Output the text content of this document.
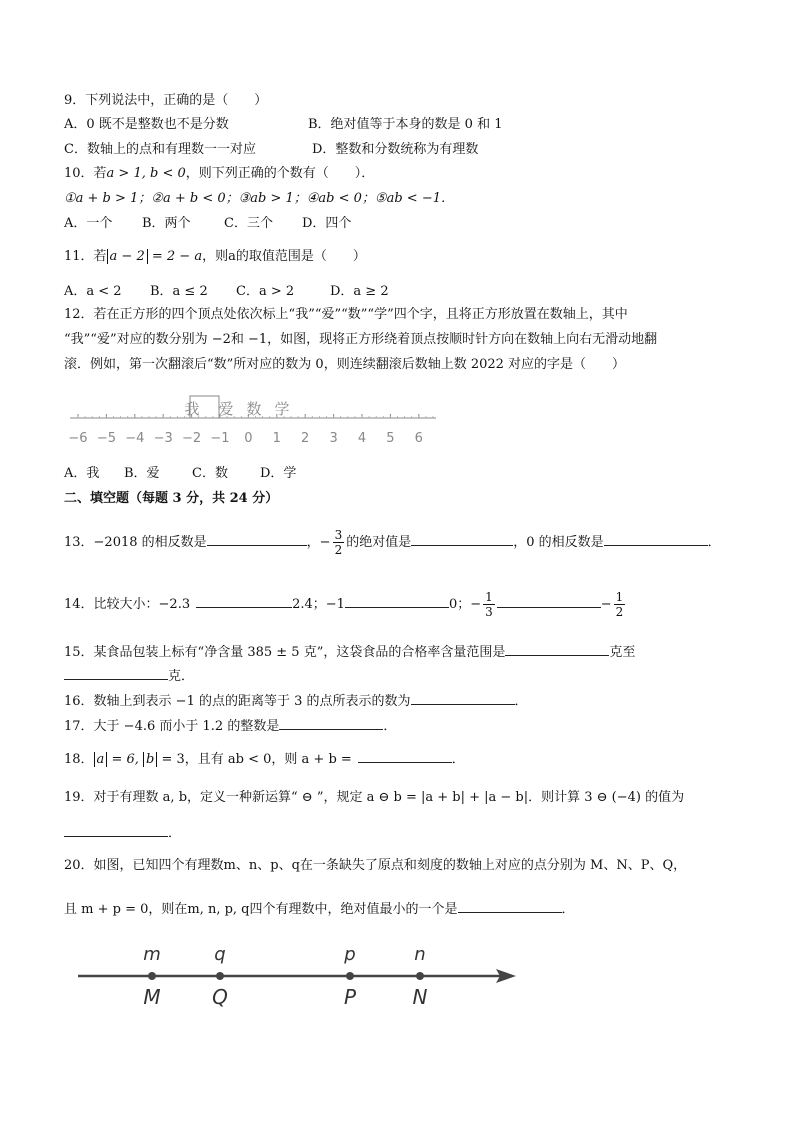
9．下列说法中，正确的是（　　）
A．0 既不是整数也不是分数	B．绝对值等于本身的数是 0 和 1
C．数轴上的点和有理数一一对应	D．整数和分数统称为有理数
10．若a > 1, b < 0，则下列正确的个数有（　　）．
①a + b > 1；②a + b < 0；③ab > 1；④ab < 0；⑤ab < −1．
A．一个 B．两个	C．三个 D．四个
11．若 a − 2 = 2 − a，则a的取值范围是（　　）
A．a < 2 B．a ≤ 2 C．a > 2	D．a ≥ 2
12．若在正方形的四个顶点处依次标上“我”“爱”“数”“学”四个字，且将正方形放置在数轴上，其中
“我”“爱”对应的数分别为 −2和 −1，如图，现将正方形绕着顶点按顺时针方向在数轴上向右无滑动地翻
滚．例如，第一次翻滚后“数”所对应的数为 0，则连续翻滚后数轴上数 2022 对应的字是（　　）
我 爱 数 学
−6 −5 −4 −3 −2 −1 0 1 2 3 4 5 6
A．我 B．爱 C．数 D．学
二、填空题（每题 3 分，共 24 分）
13．−2018 的相反数是	，− $\frac{3}{2}$ 的绝对值是	，0 的相反数是	．
14．比较大小：−2.3	2.4；−1	0；− $\frac{1}{3}$	− $\frac{1}{2}$
15．某食品包装上标有“净含量 385 ± 5 克”，这袋食品的合格率含量范围是	克至
克．
16．数轴上到表示 −1 的点的距离等于 3 的点所表示的数为	．
17．大于 −4.6 而小于 1.2 的整数是	．
18． a = 6, b = 3，且有 ab < 0，则 a + b =	．
19．对于有理数 a, b，定义一种新运算“ ⊖ ”，规定 a ⊖ b = |a + b| + |a − b|．则计算 3 ⊖ (−4) 的值为
．
20．如图，已知四个有理数m、n、p、q在一条缺失了原点和刻度的数轴上对应的点分别为 M、N、P、Q，
且 m + p = 0，则在m, n, p, q四个有理数中，绝对值最小的一个是	．
m
M
q
Q
p
P
n
N
